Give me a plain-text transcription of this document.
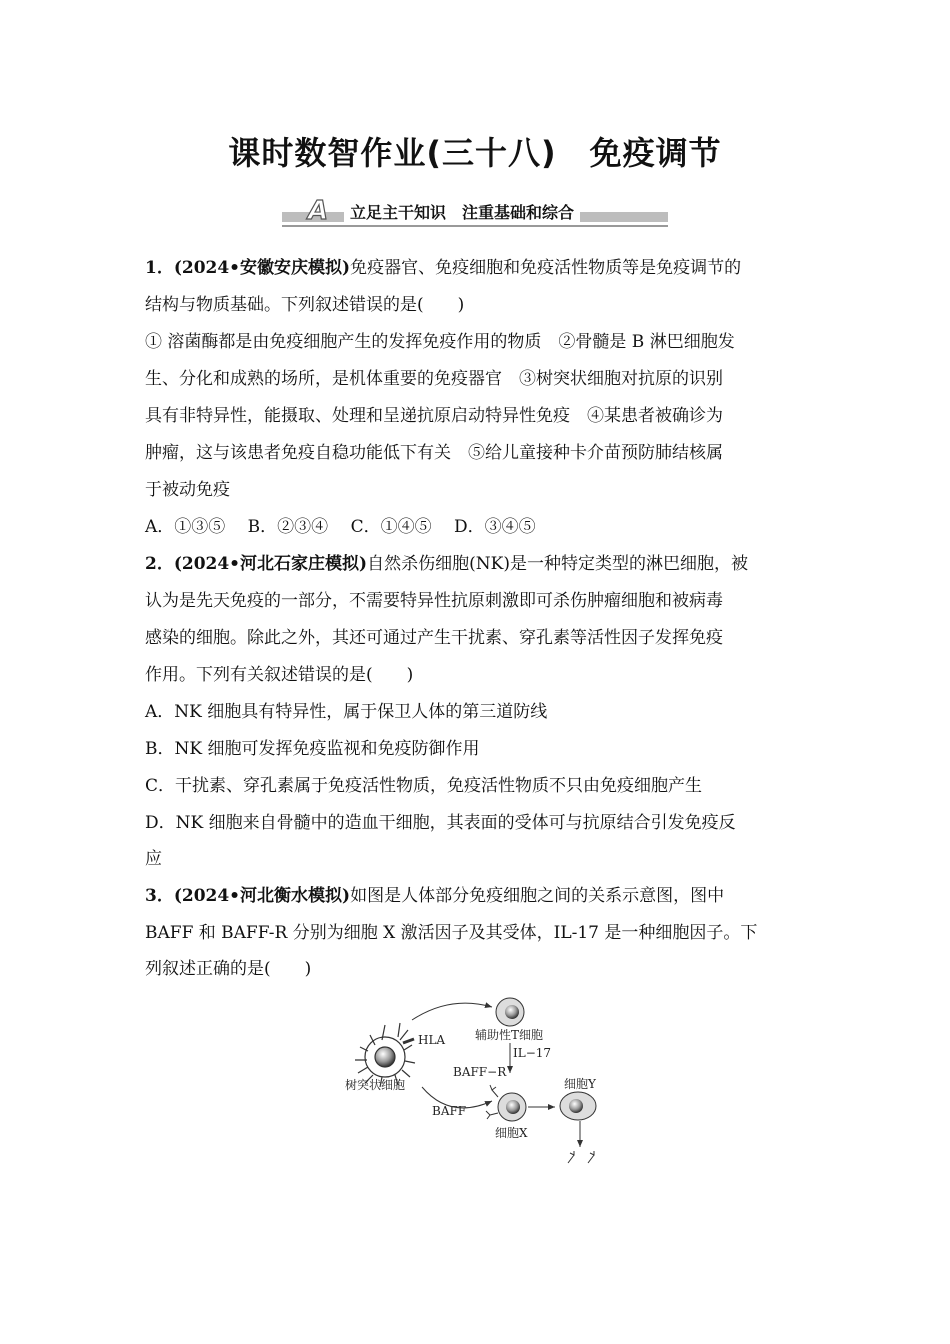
课时数智作业(三十八)　免疫调节
A	立足主干知识　注重基础和综合
1．(2024•安徽安庆模拟)免疫器官、免疫细胞和免疫活性物质等是免疫调节的
结构与物质基础。下列叙述错误的是(　　)
① 溶菌酶都是由免疫细胞产生的发挥免疫作用的物质　②骨髓是 B 淋巴细胞发
生、分化和成熟的场所，是机体重要的免疫器官　③树突状细胞对抗原的识别
具有非特异性，能摄取、处理和呈递抗原启动特异性免疫　④某患者被确诊为
肿瘤，这与该患者免疫自稳功能低下有关　⑤给儿童接种卡介苗预防肺结核属
于被动免疫
A．①③⑤　 B．②③④　 C．①④⑤　 D．③④⑤
2．(2024•河北石家庄模拟)自然杀伤细胞(NK)是一种特定类型的淋巴细胞，被
认为是先天免疫的一部分，不需要特异性抗原刺激即可杀伤肿瘤细胞和被病毒
感染的细胞。除此之外，其还可通过产生干扰素、穿孔素等活性因子发挥免疫
作用。下列有关叙述错误的是(　　)
A．NK 细胞具有特异性，属于保卫人体的第三道防线
B．NK 细胞可发挥免疫监视和免疫防御作用
C．干扰素、穿孔素属于免疫活性物质，免疫活性物质不只由免疫细胞产生
D．NK 细胞来自骨髓中的造血干细胞，其表面的受体可与抗原结合引发免疫反
应
3．(2024•河北衡水模拟)如图是人体部分免疫细胞之间的关系示意图，图中
BAFF 和 BAFF-R 分别为细胞 X 激活因子及其受体，IL-17 是一种细胞因子。下
列叙述正确的是(　　)
HLA
树突状细胞
辅助性T细胞
IL−17
BAFF−R
BAFF
细胞X
细胞Y
